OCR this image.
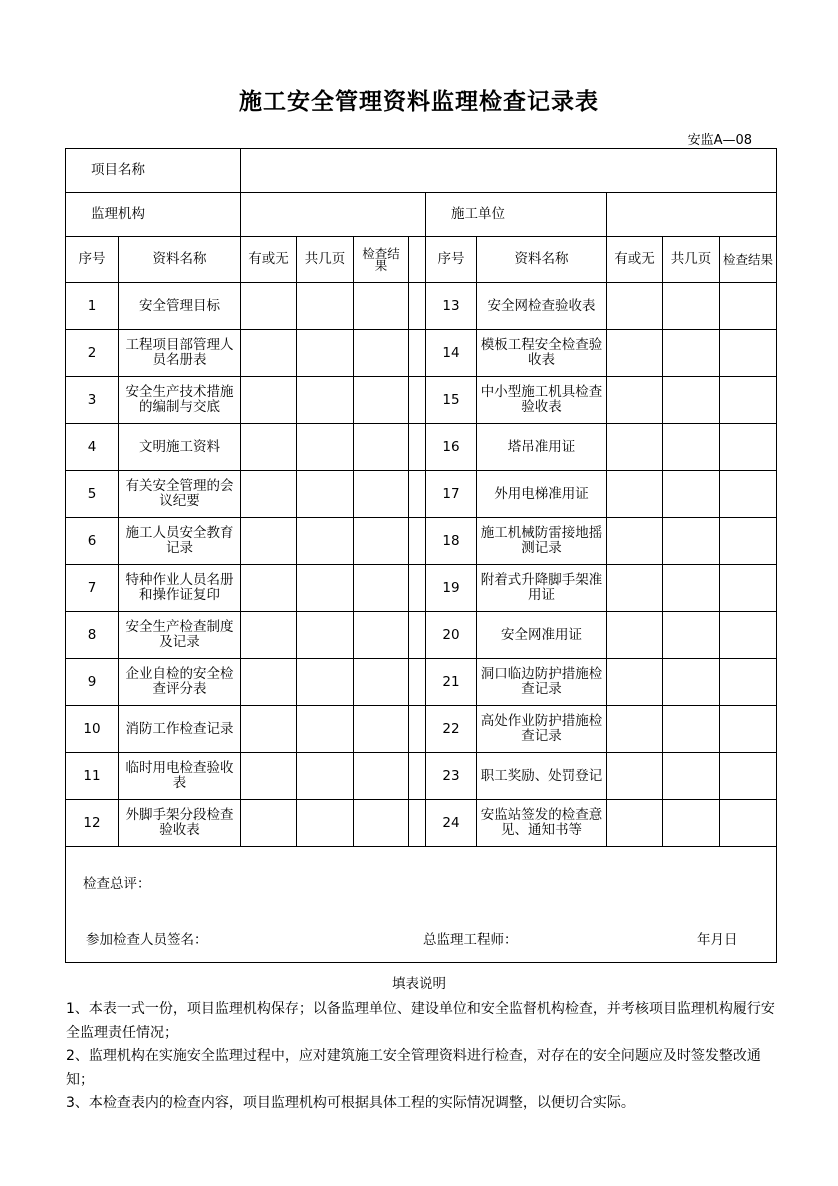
施工安全管理资料监理检查记录表
安监A—08
项目名称										
监理机构						施工单位				
序号	资料名称	有或无	共几页	检查结果		序号	资料名称	有或无	共几页	检查结果
1	安全管理目标					13	安全网检查验收表			
2	工程项目部管理人员名册表					14	模板工程安全检查验收表			
3	安全生产技术措施的编制与交底					15	中小型施工机具检查验收表			
4	文明施工资料					16	塔吊准用证			
5	有关安全管理的会议纪要					17	外用电梯准用证			
6	施工人员安全教育记录					18	施工机械防雷接地摇测记录			
7	特种作业人员名册和操作证复印					19	附着式升降脚手架准用证			
8	安全生产检查制度及记录					20	安全网准用证			
9	企业自检的安全检查评分表					21	洞口临边防护措施检查记录			
10	消防工作检查记录					22	高处作业防护措施检查记录			
11	临时用电检查验收表					23	职工奖励、处罚登记			
12	外脚手架分段检查验收表					24	安监站签发的检查意见、通知书等			

检查总评：
参加检查人员签名： 总监理工程师： 年月日										
填表说明

1、本表一式一份，项目监理机构保存；以备监理单位、建设单位和安全监督机构检查，并考核项目监理机构履行安全监理责任情况；

2、监理机构在实施安全监理过程中，应对建筑施工安全管理资料进行检查，对存在的安全问题应及时签发整改通知；

3、本检查表内的检查内容，项目监理机构可根据具体工程的实际情况调整，以便切合实际。
